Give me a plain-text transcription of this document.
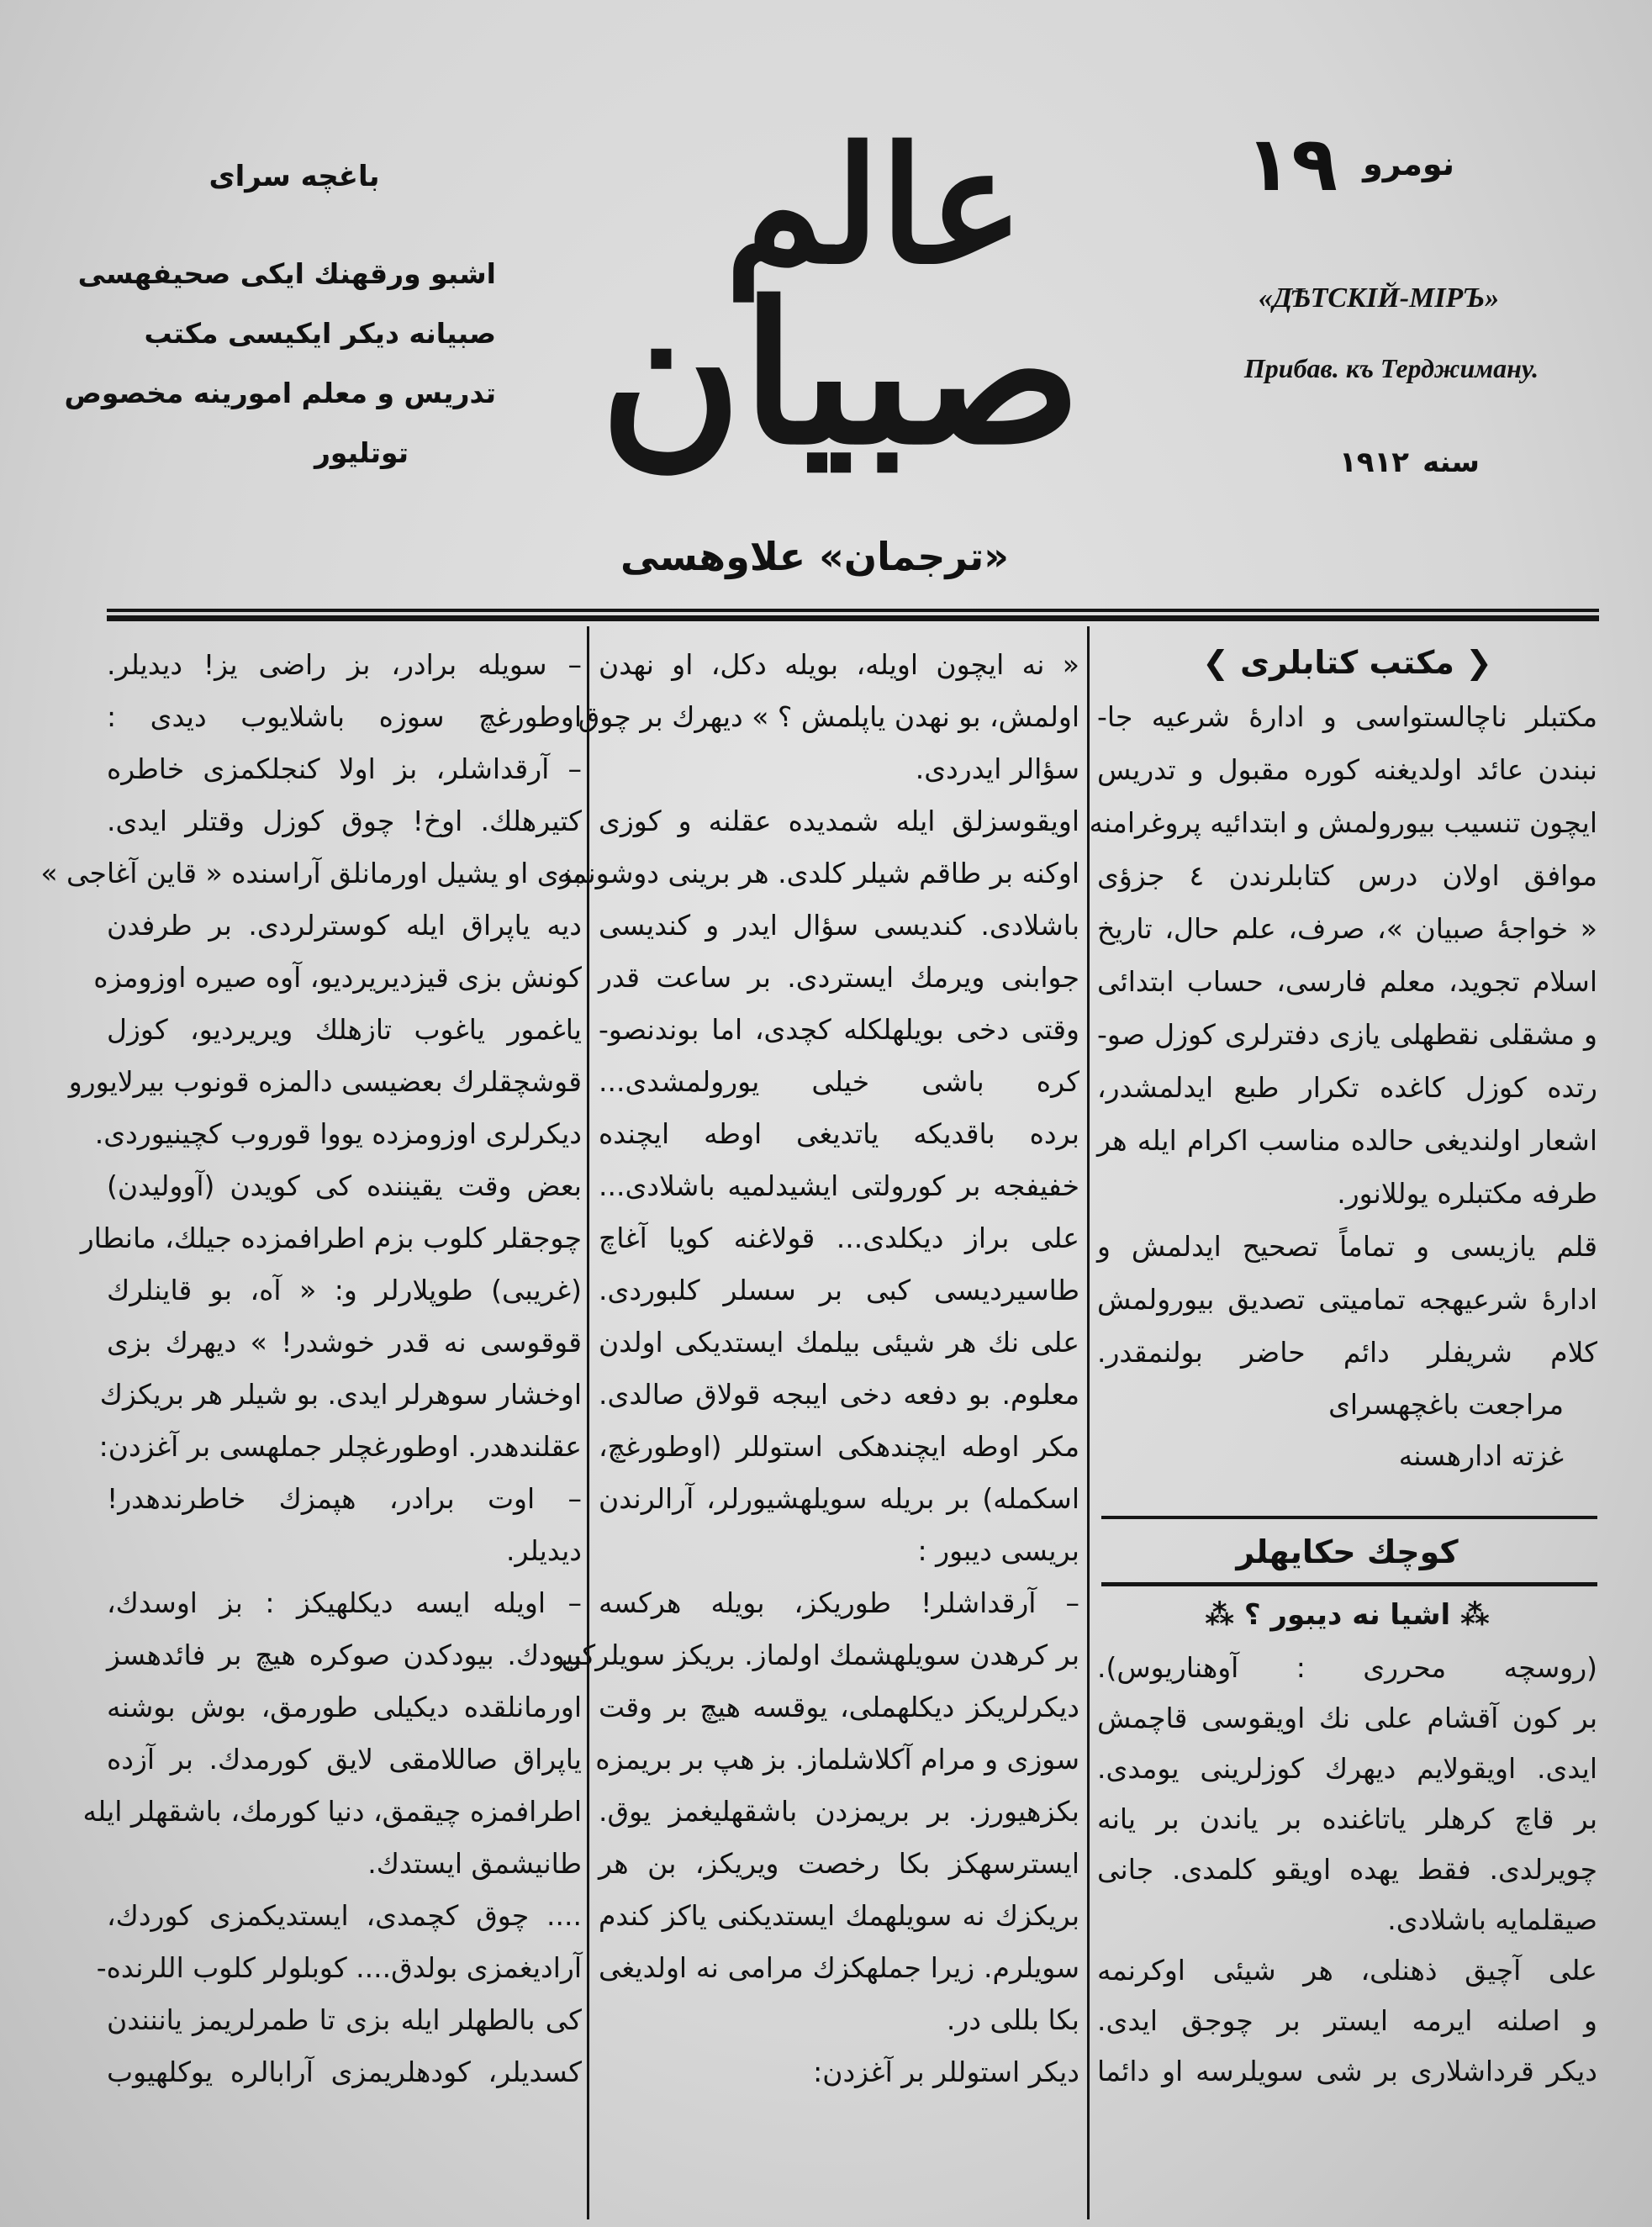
باغچه سراى
اشبو ورقهنك ايكى صحيفهسى
صبيانه ديكر ايكيسى مكتب
تدريس و معلم امورينه مخصوص
توتليور
عالم
صبيان
نومرو
١٩
«ДѢТСКІЙ-МІРЪ»
Прибав. къ Терджиману.
سنه
١٩١٢
«ترجمان» علاوهسى
❮ مكتب كتابلرى ❯
مكتبلر ناچالستواسى و ادارهٔ شرعيه جا-
نبندن عائد اولديغنه كوره مقبول و تدريس
ايچون تنسيب بيورولمش و ابتدائيه پروغرامنه
موافق اولان درس كتابلرندن ٤ جزؤى
« خواجهٔ صبيان »، صرف، علم حال، تاريخ
اسلام تجويد، معلم فارسى، حساب ابتدائى
و مشقلى نقطهلى يازى دفترلرى كوزل صو-
رتده كوزل كاغده تكرار طبع ايدلمشدر،
اشعار اولنديغى حالده مناسب اكرام ايله هر
طرفه مكتبلره يوللانور.
قلم يازيسى و تماماً تصحيح ايدلمش و
ادارهٔ شرعيهجه تماميتى تصديق بيورولمش
كلام شريفلر دائم حاضر بولنمقدر.
مراجعت باغچهسراى
غزته ادارهسنه
كوچك حكايهلر
⁂ اشيا نه ديبور ؟ ⁂
(روسچه محررى : آوهناريوس).
بر كون آقشام على نك اويقوسى قاچمش
ايدى. اويقولايم ديهرك كوزلرينى يومدى.
بر قاچ كرهلر ياتاغنده بر ياندن بر يانه
چويرلدى. فقط يهده اويقو كلمدى. جانى
صيقلمايه باشلادى.
على آچيق ذهنلى، هر شيئى اوكرنمه
و اصلنه ايرمه ايستر بر چوجق ايدى.
ديكر قرداشلارى بر شى سويلرسه او دائما
« نه ايچون اويله، بويله دكل، او نهدن
اولمش، بو نهدن ياپلمش ؟ » ديهرك بر چوق
سؤالر ايدردى.
اويقوسزلق ايله شمديده عقلنه و كوزى
اوكنه بر طاقم شيلر كلدى. هر برينى دوشونمه
باشلادى. كنديسى سؤال ايدر و كنديسى
جوابنى ويرمك ايستردى. بر ساعت قدر
وقتى دخى بويلهلكله كچدى، اما بوندنصو-
كره باشى خيلى يورولمشدى...
برده باقديكه ياتديغى اوطه ايچنده
خفيفجه بر كورولتى ايشيدلميه باشلادى...
على براز ديكلدى... قولاغنه كويا آغاچ
طاسيردیسى كبى بر سسلر كلبوردى.
على نك هر شيئى بيلمك ايستديكى اولدن
معلوم. بو دفعه دخى ايبجه قولاق صالدى.
مكر اوطه ايچندهكى استوللر (اوطورغچ،
اسكمله) بر بريله سويلهشيورلر، آرالرندن
بريسى ديبور :
– آرقداشلر! طوريكز، بويله هركسه
بر كرهدن سويلهشمك اولماز. بريكز سويلركن
ديكرلريكز ديكلهملى، يوقسه هيچ بر وقت
سوزى و مرام آكلاشلماز. بز هپ بر بريمزه
بكزهيورز. بر بريمزدن باشقهليغمز يوق.
ايسترسهكز بكا رخصت ويريكز، بن هر
بريكزك نه سويلهمك ايستديكنى ياكز كندم
سويلرم. زيرا جملهكزك مرامى نه اولديغى
بكا بللى در.
ديكر استوللر بر آغزدن:
– سويله برادر، بز راضى يز! ديديلر.
اوطورغچ سوزه باشلايوب ديدى :
– آرقداشلر، بز اولا كنجلكمزى خاطره
كتيرهلك. اوخ! چوق كوزل وقتلر ايدى.
بزى او يشيل اورمانلق آراسنده « قاين آغاجى »
ديه ياپراق ايله كوسترلردى. بر طرفدن
كونش بزى قيزديريرديو، آوه صيره اوزومزه
ياغمور ياغوب تازهلك ويريرديو، كوزل
قوشچقلرك بعضيسى دالمزه قونوب بيرلايورو
ديكرلرى اوزومزده يووا قوروب كچينيوردى.
بعض وقت يقيننده كى كويدن (آووليدن)
چوجقلر كلوب بزم اطرافمزده جيلك، مانطار
(غريبى) طوپلارلر و: « آه، بو قاينلرك
قوقوسى نه قدر خوشدر! » ديهرك بزى
اوخشار سوهرلر ايدى. بو شيلر هر بريكزك
عقلندهدر. اوطورغچلر جملهسى بر آغزدن:
– اوت برادر، هپمزك خاطرندهدر!
ديديلر.
– اويله ايسه ديكلهيكز : بز اوسدك،
بيودك. بيودكدن صوكره هيچ بر فائدهسز
اورمانلقده ديكيلى طورمق، بوش بوشنه
ياپراق صاللامقى لايق كورمدك. بر آزده
اطرافمزه چيقمق، دنيا كورمك، باشقهلر ايله
طانيشمق ايستدك.
.... چوق كچمدى، ايستديكمزى كوردك،
آراديغمزى بولدق.... كوبلولر كلوب اللرنده-
كى بالطهلر ايله بزى تا طمرلريمز ياننندن
كسديلر، كودهلريمزى آرابالره يوكلهيوب
